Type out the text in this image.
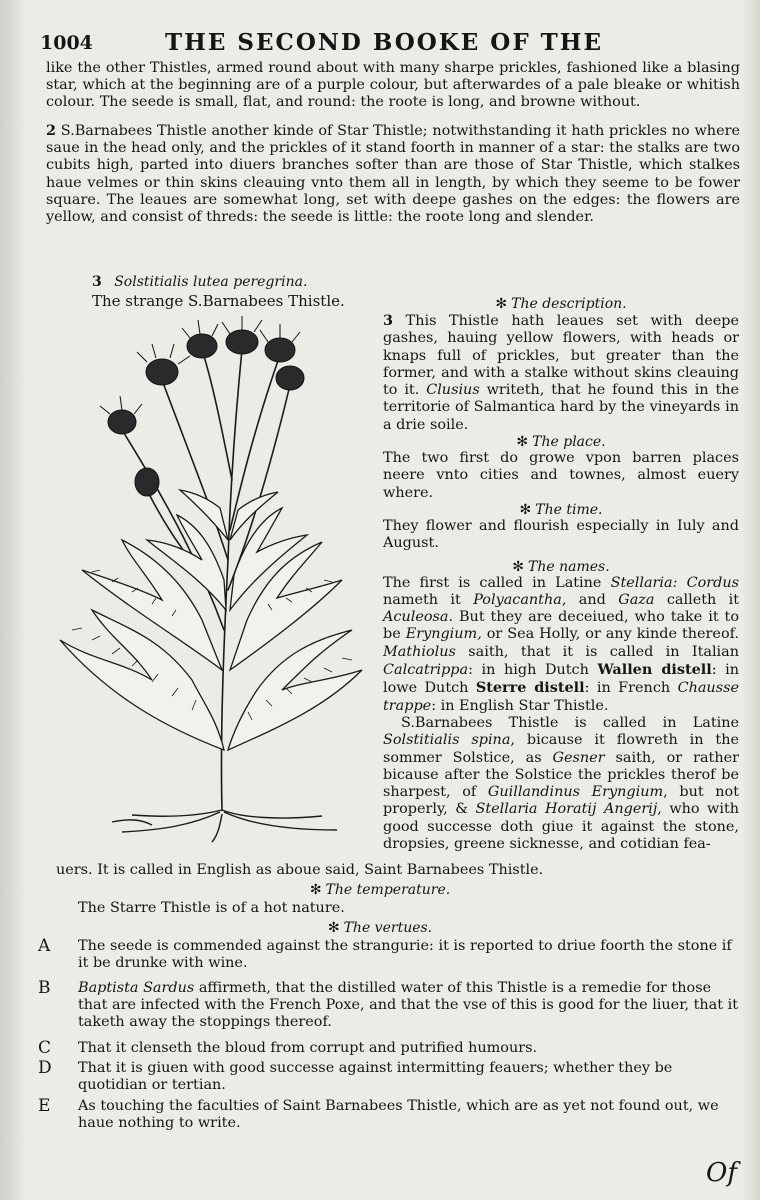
1004	THE SECOND BOOKE OF THE

like the other Thistles, armed round about with many sharpe prickles, fashioned like a blasing star, which at the beginning are of a purple colour, but afterwardes of a pale bleake or whitish colour. The seede is small, flat, and round: the roote is long, and browne without.

2 S.Barnabees Thistle another kinde of Star Thistle; notwithstanding it hath prickles no where saue in the head only, and the prickles of it stand foorth in manner of a star: the stalks are two cubits high, parted into diuers branches softer than are those of Star Thistle, which stalkes haue velmes or thin skins cleauing vnto them all in length, by which they seeme to be fower square. The leaues are somewhat long, set with deepe gashes on the edges: the flowers are yellow, and consist of threds: the seede is little: the roote long and slender.

3 Solstitialis lutea peregrina.
The strange S.Barnabees Thistle.	✻ The description.

3 This Thistle hath leaues set with deepe gashes, hauing yellow flowers, with heads or knaps full of prickles, but greater than the former, and with a stalke without skins cleauing to it. Clusius writeth, that he found this in the territorie of Salmantica hard by the vineyards in a drie soile.

✻ The place.

The two first do growe vpon barren places neere vnto cities and townes, almost euery where.

✻ The time.

They flower and flourish especially in Iuly and August.

✻ The names.

The first is called in Latine Stellaria: Cordus nameth it Polyacantha, and Gaza calleth it Aculeosa. But they are deceiued, who take it to be Eryngium, or Sea Holly, or any kinde thereof. Mathiolus saith, that it is called in Italian Calcatrippa: in high Dutch Wallen distell: in lowe Dutch Sterre distell: in French Chausse trappe: in English Star Thistle.

S.Barnabees Thistle is called in Latine Solstitialis spina, bicause it flowreth in the sommer Solstice, as Gesner saith, or rather bicause after the Solstice the prickles therof be sharpest, of Guillandinus Eryngium, but not properly, & Stellaria Horatij Angerij, who with good successe doth giue it against the stone, dropsies, greene sicknesse, and cotidian fea-

uers. It is called in English as aboue said, Saint Barnabees Thistle.

✻ The temperature.

The Starre Thistle is of a hot nature.

✻ The vertues.

A	The seede is commended against the strangurie: it is reported to driue foorth the stone if it be drunke with wine.
B	Baptista Sardus affirmeth, that the distilled water of this Thistle is a remedie for those that are infected with the French Poxe, and that the vse of this is good for the liuer, that it taketh away the stoppings thereof.
C	That it clenseth the bloud from corrupt and putrified humours.
D	That it is giuen with good successe against intermitting feauers; whether they be quotidian or tertian.
E	As touching the faculties of Saint Barnabees Thistle, which are as yet not found out, we haue nothing to write.
Of
